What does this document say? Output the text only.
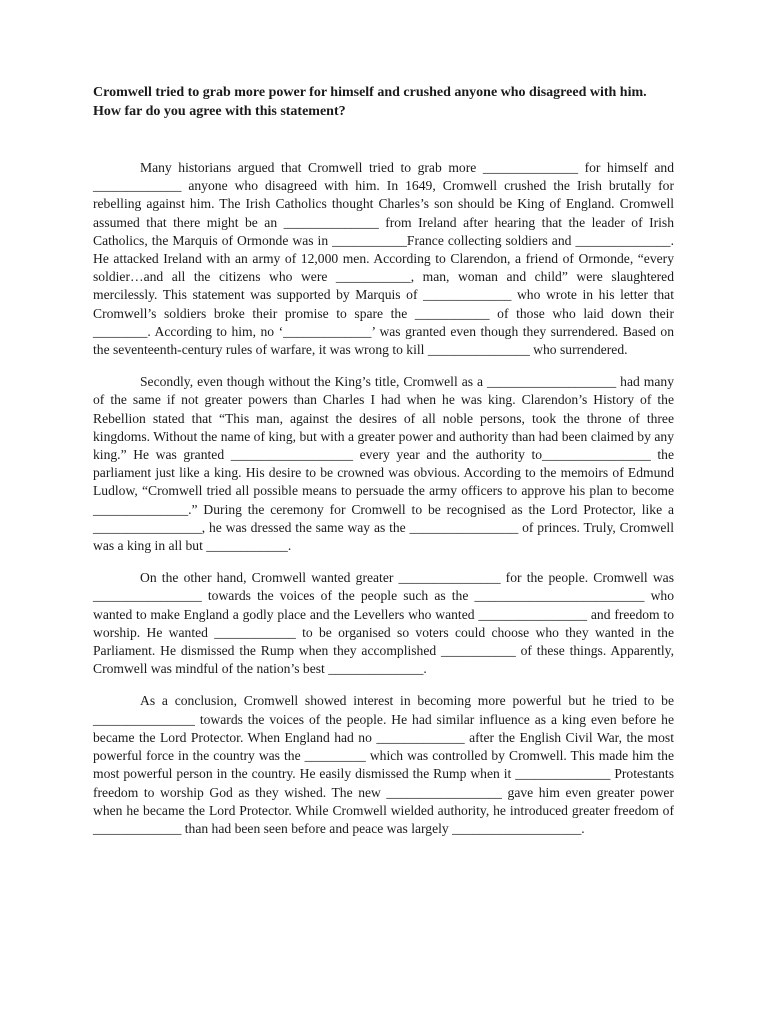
Cromwell tried to grab more power for himself and crushed anyone who disagreed with him. How far do you agree with this statement?

Many historians argued that Cromwell tried to grab more ______________ for himself and _____________ anyone who disagreed with him. In 1649, Cromwell crushed the Irish brutally for rebelling against him. The Irish Catholics thought Charles’s son should be King of England. Cromwell assumed that there might be an ______________ from Ireland after hearing that the leader of Irish Catholics, the Marquis of Ormonde was in ___________France collecting soldiers and ______________. He attacked Ireland with an army of 12,000 men. According to Clarendon, a friend of Ormonde, “every soldier…and all the citizens who were ___________, man, woman and child” were slaughtered mercilessly. This statement was supported by Marquis of _____________ who wrote in his letter that Cromwell’s soldiers broke their promise to spare the ___________ of those who laid down their ________. According to him, no ‘_____________’ was granted even though they surrendered. Based on the seventeenth-century rules of warfare, it was wrong to kill _______________ who surrendered.

Secondly, even though without the King’s title, Cromwell as a ___________________ had many of the same if not greater powers than Charles I had when he was king. Clarendon’s History of the Rebellion stated that “This man, against the desires of all noble persons, took the throne of three kingdoms. Without the name of king, but with a greater power and authority than had been claimed by any king.” He was granted __________________ every year and the authority to________________ the parliament just like a king. His desire to be crowned was obvious. According to the memoirs of Edmund Ludlow, “Cromwell tried all possible means to persuade the army officers to approve his plan to become ______________.” During the ceremony for Cromwell to be recognised as the Lord Protector, like a ________________, he was dressed the same way as the ________________ of princes. Truly, Cromwell was a king in all but ____________.

On the other hand, Cromwell wanted greater _______________ for the people. Cromwell was ________________ towards the voices of the people such as the _________________________ who wanted to make England a godly place and the Levellers who wanted ________________ and freedom to worship. He wanted ____________ to be organised so voters could choose who they wanted in the Parliament. He dismissed the Rump when they accomplished ___________ of these things. Apparently, Cromwell was mindful of the nation’s best ______________.

As a conclusion, Cromwell showed interest in becoming more powerful but he tried to be _______________ towards the voices of the people. He had similar influence as a king even before he became the Lord Protector. When England had no _____________ after the English Civil War, the most powerful force in the country was the _________ which was controlled by Cromwell. This made him the most powerful person in the country. He easily dismissed the Rump when it ______________ Protestants freedom to worship God as they wished. The new _________________ gave him even greater power when he became the Lord Protector. While Cromwell wielded authority, he introduced greater freedom of _____________ than had been seen before and peace was largely ___________________.
